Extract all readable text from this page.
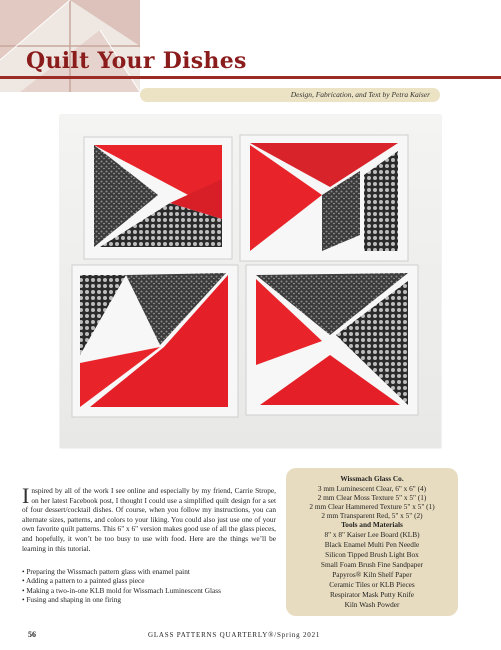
Quilt Your Dishes
Design, Fabrication, and Text by Petra Kaiser

Inspired by all of the work I see online and especially by my friend, Carrie Strope, on her latest Facebook post, I thought I could use a simplified quilt design for a set of four dessert/cocktail dishes. Of course, when you follow my instructions, you can alternate sizes, patterns, and colors to your liking. You could also just use one of your own favorite quilt patterns. This 6" x 6" version makes good use of all the glass pieces, and hopefully, it won’t be too busy to use with food. Here are the things we’ll be learning in this tutorial.

• Preparing the Wissmach pattern glass with enamel paint
• Adding a pattern to a painted glass piece
• Making a two-in-one KLB mold for Wissmach Luminescent Glass
• Fusing and shaping in one firing
Wissmach Glass Co.
3 mm Luminescent Clear, 6" x 6" (4)
2 mm Clear Moss Texture 5" x 5" (1)
2 mm Clear Hammered Texture 5" x 5" (1)
2 mm Transparent Red, 5" x 5" (2)
Tools and Materials
8" x 8" Kaiser Lee Board (KLB)
Black Enamel Multi Pen Needle
Silicon Tipped Brush Light Box
Small Foam Brush Fine Sandpaper
Papyros® Kiln Shelf Paper
Ceramic Tiles or KLB Pieces
Respirator Mask Putty Knife
Kiln Wash Powder
56	GLASS PATTERNS QUARTERLY®/Spring 2021
